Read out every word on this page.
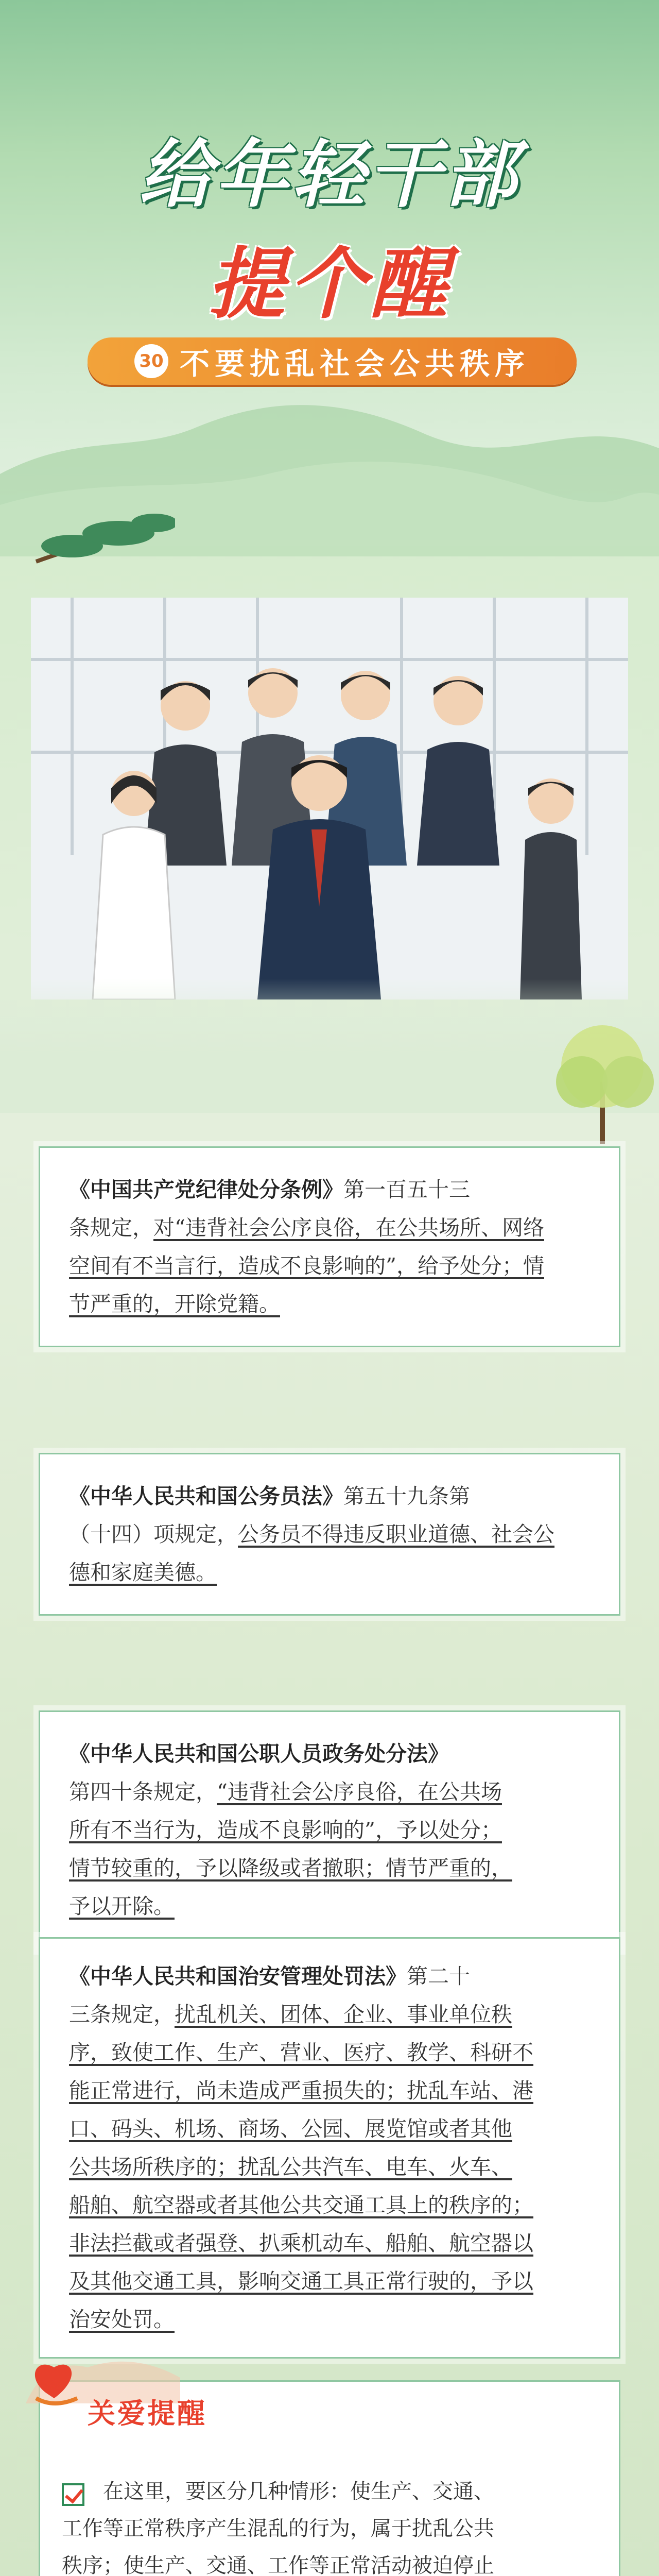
给年轻干部
提个醒
30 不要扰乱社会公共秩序
《中国共产党纪律处分条例》第一百五十三
条规定，对“违背社会公序良俗，在公共场所、网络
空间有不当言行，造成不良影响的”，给予处分；情
节严重的，开除党籍。
《中华人民共和国公务员法》第五十九条第
（十四）项规定，公务员不得违反职业道德、社会公
德和家庭美德。
《中华人民共和国公职人员政务处分法》
第四十条规定，“违背社会公序良俗，在公共场
所有不当行为，造成不良影响的”，予以处分；
情节较重的，予以降级或者撤职；情节严重的，
予以开除。
《中华人民共和国治安管理处罚法》第二十
三条规定，扰乱机关、团体、企业、事业单位秩
序，致使工作、生产、营业、医疗、教学、科研不
能正常进行，尚未造成严重损失的；扰乱车站、港
口、码头、机场、商场、公园、展览馆或者其他
公共场所秩序的；扰乱公共汽车、电车、火车、
船舶、航空器或者其他公共交通工具上的秩序的；
非法拦截或者强登、扒乘机动车、船舶、航空器以
及其他交通工具，影响交通工具正常行驶的，予以
治安处罚。
关爱提醒
在这里，要区分几种情形：使生产、交通、
工作等正常秩序产生混乱的行为，属于扰乱公共
秩序；使生产、交通、工作等正常活动被迫停止
